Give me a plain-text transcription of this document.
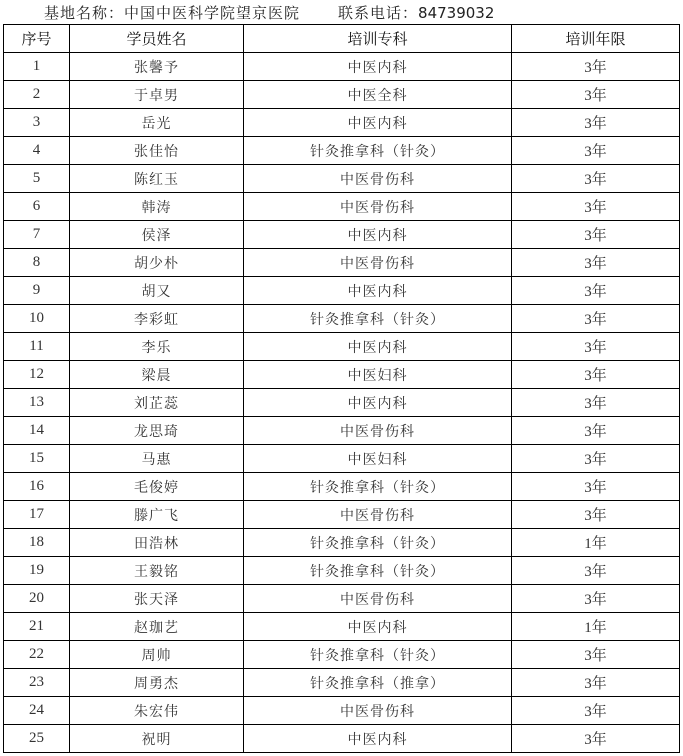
基地名称：中国中医科学院望京医院	联系电话：84739032
序号	学员姓名	培训专科	培训年限
1	张馨予	中医内科	3年
2	于卓男	中医全科	3年
3	岳光	中医内科	3年
4	张佳怡	针灸推拿科（针灸）	3年
5	陈红玉	中医骨伤科	3年
6	韩涛	中医骨伤科	3年
7	侯泽	中医内科	3年
8	胡少朴	中医骨伤科	3年
9	胡又	中医内科	3年
10	李彩虹	针灸推拿科（针灸）	3年
11	李乐	中医内科	3年
12	梁晨	中医妇科	3年
13	刘芷蕊	中医内科	3年
14	龙思琦	中医骨伤科	3年
15	马惠	中医妇科	3年
16	毛俊婷	针灸推拿科（针灸）	3年
17	滕广飞	中医骨伤科	3年
18	田浩林	针灸推拿科（针灸）	1年
19	王毅铭	针灸推拿科（针灸）	3年
20	张天泽	中医骨伤科	3年
21	赵珈艺	中医内科	1年
22	周帅	针灸推拿科（针灸）	3年
23	周勇杰	针灸推拿科（推拿）	3年
24	朱宏伟	中医骨伤科	3年
25	祝明	中医内科	3年
